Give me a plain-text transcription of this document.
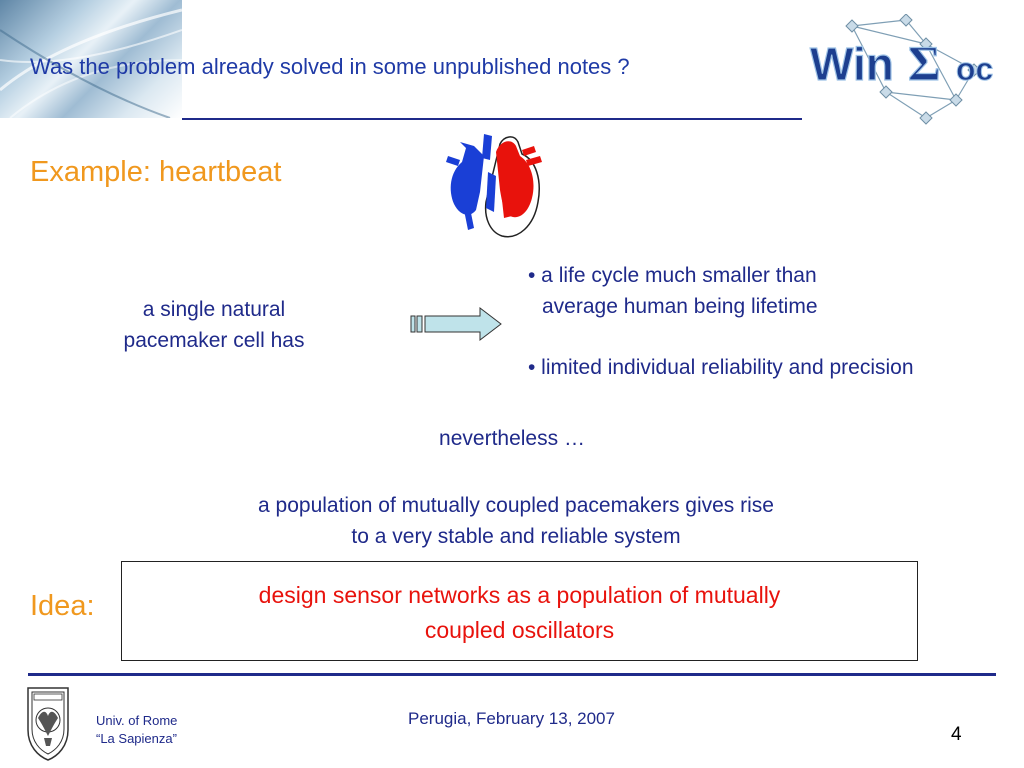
Was the problem already solved in some unpublished notes ?	Win Σ oc
Example: heartbeat
a single natural
pacemaker cell has
• a life cycle much smaller than
average human being lifetime
• limited individual reliability and precision
nevertheless …
a population of mutually coupled pacemakers gives rise
to a very stable and reliable system
Idea:	design sensor networks as a population of mutually
coupled oscillators
Univ. of Rome
“La Sapienza”
Perugia, February 13, 2007
4
